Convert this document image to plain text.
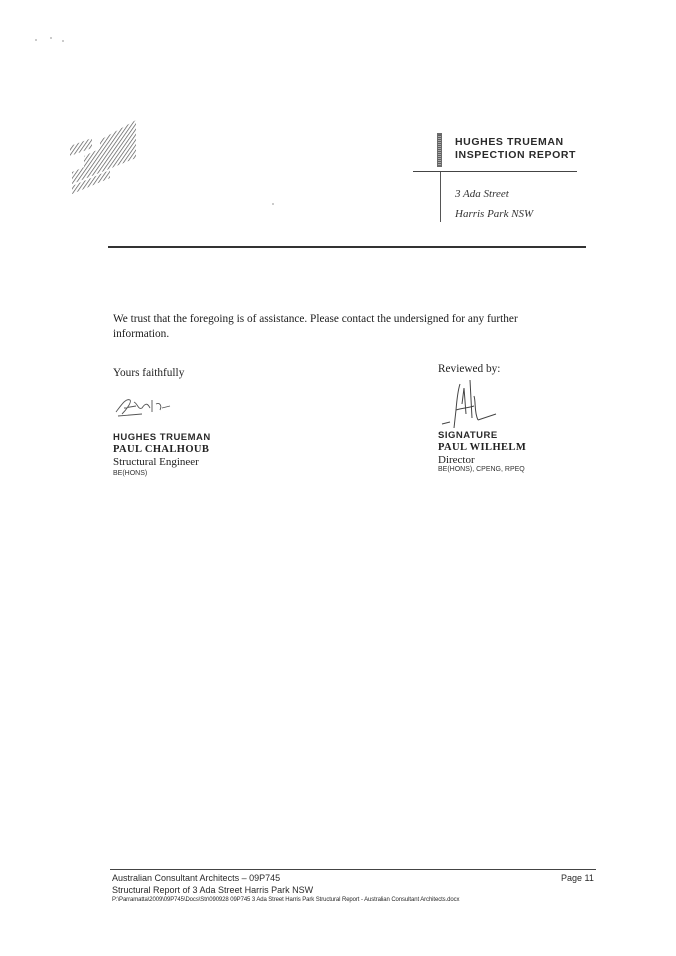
HUGHES TRUEMAN
INSPECTION REPORT
3 Ada Street
Harris Park NSW
We trust that the foregoing is of assistance. Please contact the undersigned for any further information.
Yours faithfully	Reviewed by:
HUGHES TRUEMAN
PAUL CHALHOUB
Structural Engineer
BE(HONS)
SIGNATURE
PAUL WILHELM
Director
BE(HONS), CPENG, RPEQ
Australian Consultant Architects – 09P745
Structural Report of 3 Ada Street Harris Park NSW
P:\Parramatta\2009\09P745\Docs\Str\090928 09P745 3 Ada Street Harris Park Structural Report - Australian Consultant Architects.docx
Page 11
